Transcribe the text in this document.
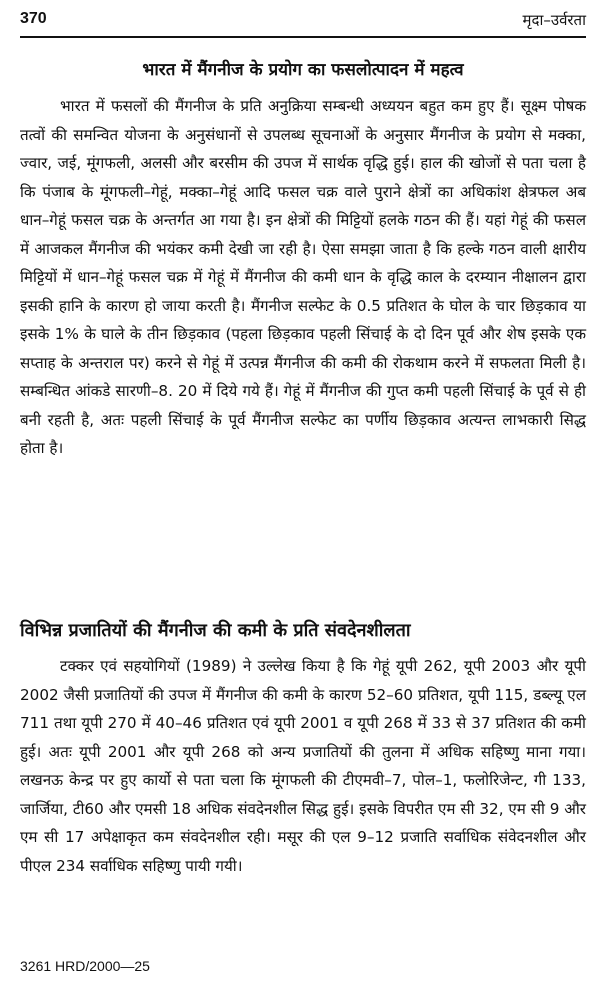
370	मृदा–उर्वरता
भारत में मैंगनीज के प्रयोग का फसलोत्पादन में महत्व

भारत में फसलों की मैंगनीज के प्रति अनुक्रिया सम्बन्धी अध्ययन बहुत कम हुए हैं। सूक्ष्म पोषक तत्वों की समन्वित योजना के अनुसंधानों से उपलब्ध सूचनाओं के अनुसार मैंगनीज के प्रयोग से मक्का, ज्वार, जई, मूंगफली, अलसी और बरसीम की उपज में सार्थक वृद्धि हुई। हाल की खोजों से पता चला है कि पंजाब के मूंगफली–गेहूं, मक्का–गेहूं आदि फसल चक्र वाले पुराने क्षेत्रों का अधिकांश क्षेत्रफल अब धान–गेहूं फसल चक्र के अन्तर्गत आ गया है। इन क्षेत्रों की मिट्टियों हलके गठन की हैं। यहां गेहूं की फसल में आजकल मैंगनीज की भयंकर कमी देखी जा रही है। ऐसा समझा जाता है कि हल्के गठन वाली क्षारीय मिट्टियों में धान–गेहूं फसल चक्र में गेहूं में मैंगनीज की कमी धान के वृद्धि काल के दरम्यान नीक्षालन द्वारा इसकी हानि के कारण हो जाया करती है। मैंगनीज सल्फेट के 0.5 प्रतिशत के घोल के चार छिड़काव या इसके 1% के घाले के तीन छिड़काव (पहला छिड़काव पहली सिंचाई के दो दिन पूर्व और शेष इसके एक सप्ताह के अन्तराल पर) करने से गेहूं में उत्पन्न मैंगनीज की कमी की रोकथाम करने में सफलता मिली है। सम्बन्धित आंकडे सारणी–8. 20 में दिये गये हैं। गेहूं में मैंगनीज की गुप्त कमी पहली सिंचाई के पूर्व से ही बनी रहती है, अतः पहली सिंचाई के पूर्व मैंगनीज सल्फेट का पर्णीय छिड़काव अत्यन्त लाभकारी सिद्ध होता है।

विभिन्न प्रजातियों की मैंगनीज की कमी के प्रति संवदेनशीलता

टक्कर एवं सहयोगियों (1989) ने उल्लेख किया है कि गेहूं यूपी 262, यूपी 2003 और यूपी 2002 जैसी प्रजातियों की उपज में मैंगनीज की कमी के कारण 52–60 प्रतिशत, यूपी 115, डब्ल्यू एल 711 तथा यूपी 270 में 40–46 प्रतिशत एवं यूपी 2001 व यूपी 268 में 33 से 37 प्रतिशत की कमी हुई। अतः यूपी 2001 और यूपी 268 को अन्य प्रजातियों की तुलना में अधिक सहिष्णु माना गया। लखनऊ केन्द्र पर हुए कार्यो से पता चला कि मूंगफली की टीएमवी–7, पोल–1, फलोरिजेन्ट, गी 133, जार्जिया, टी60 और एमसी 18 अधिक संवदेनशील सिद्ध हुई। इसके विपरीत एम सी 32, एम सी 9 और एम सी 17 अपेक्षाकृत कम संवदेनशील रही। मसूर की एल 9–12 प्रजाति सर्वाधिक संवेदनशील और पीएल 234 सर्वाधिक सहिष्णु पायी गयी।

3261 HRD/2000—25
